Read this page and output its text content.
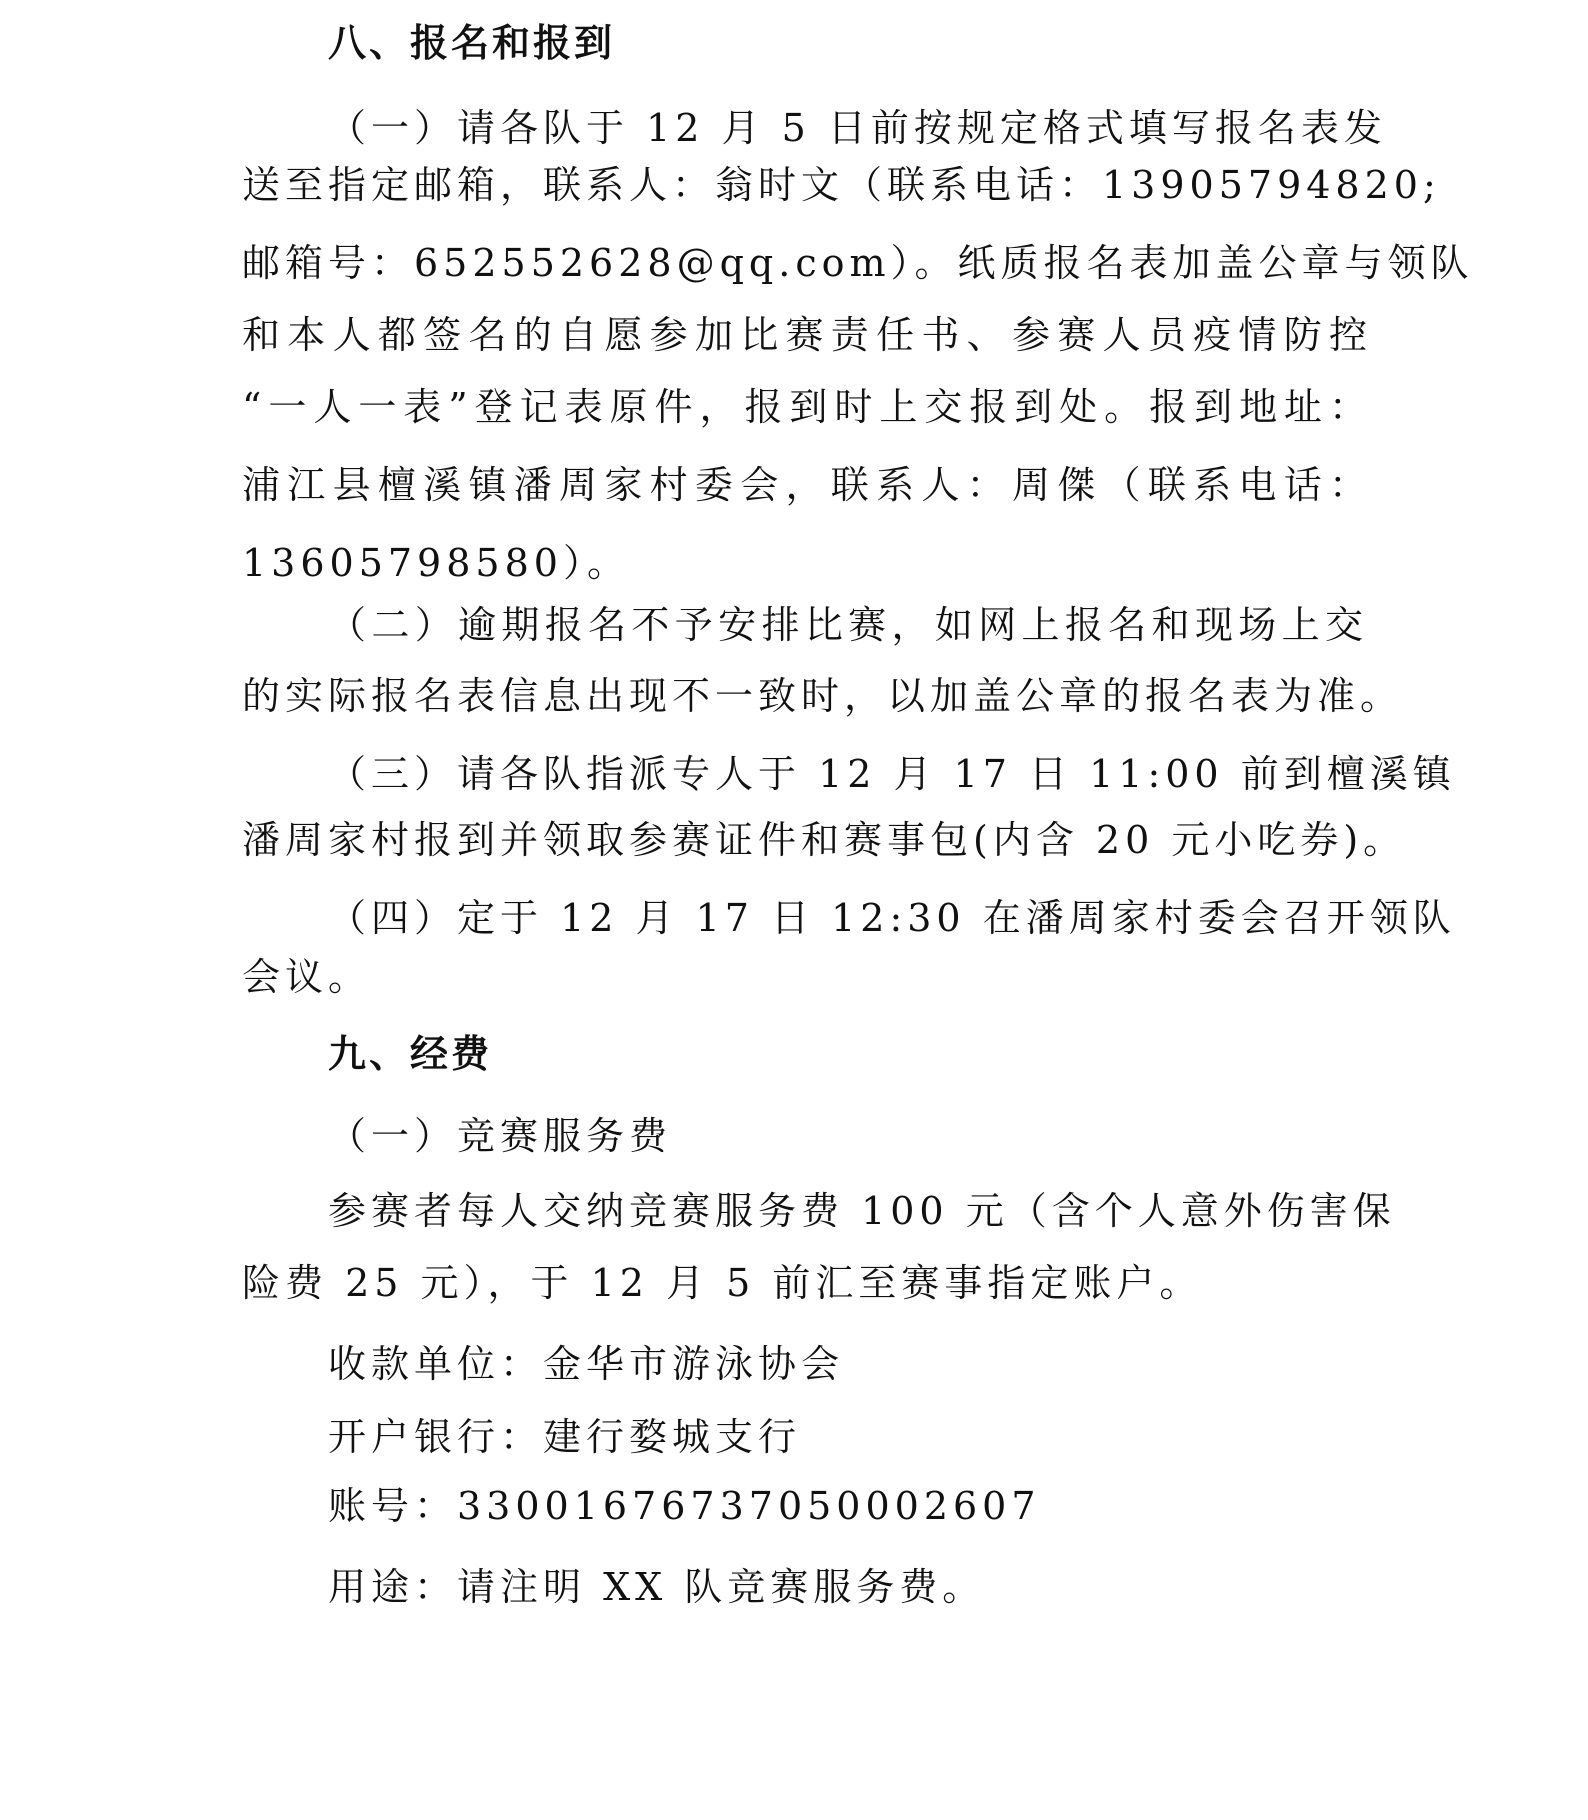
八、报名和报到
（一）请各队于 12 月 5 日前按规定格式填写报名表发
送至指定邮箱，联系人：翁时文（联系电话：13905794820;
邮箱号：652552628@qq.com）。纸质报名表加盖公章与领队
和本人都签名的自愿参加比赛责任书、参赛人员疫情防控
“一人一表”登记表原件，报到时上交报到处。报到地址：
浦江县檀溪镇潘周家村委会，联系人：周傑（联系电话：
13605798580）。
（二）逾期报名不予安排比赛，如网上报名和现场上交
的实际报名表信息出现不一致时，以加盖公章的报名表为准。
（三）请各队指派专人于 12 月 17 日 11:00 前到檀溪镇
潘周家村报到并领取参赛证件和赛事包(内含 20 元小吃券)。
（四）定于 12 月 17 日 12:30 在潘周家村委会召开领队
会议。
九、经费
（一）竞赛服务费
参赛者每人交纳竞赛服务费 100 元（含个人意外伤害保
险费 25 元），于 12 月 5 前汇至赛事指定账户。
收款单位：金华市游泳协会
开户银行：建行婺城支行
账号：33001676737050002607
用途：请注明 XX 队竞赛服务费。
